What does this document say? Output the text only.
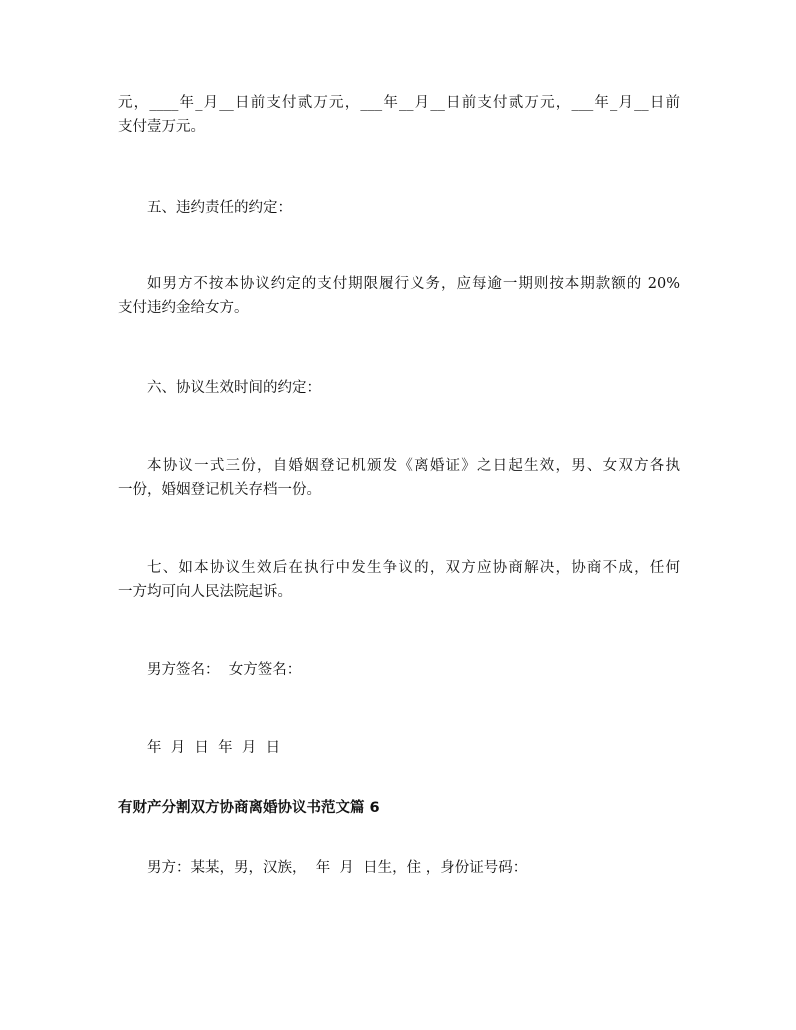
元，____年_月__日前支付贰万元，___年__月__日前支付贰万元，___年_月__日前
支付壹万元。
五、违约责任的约定：
如男方不按本协议约定的支付期限履行义务，应每逾一期则按本期款额的 20%
支付违约金给女方。
六、协议生效时间的约定：
本协议一式三份，自婚姻登记机颁发《离婚证》之日起生效，男、女双方各执
一份，婚姻登记机关存档一份。
七、如本协议生效后在执行中发生争议的，双方应协商解决，协商不成，任何
一方均可向人民法院起诉。
男方签名：  女方签名：
年  月  日  年  月  日
有财产分割双方协商离婚协议书范文篇 6
男方：某某，男，汉族，  年  月  日生，住 ，身份证号码：
